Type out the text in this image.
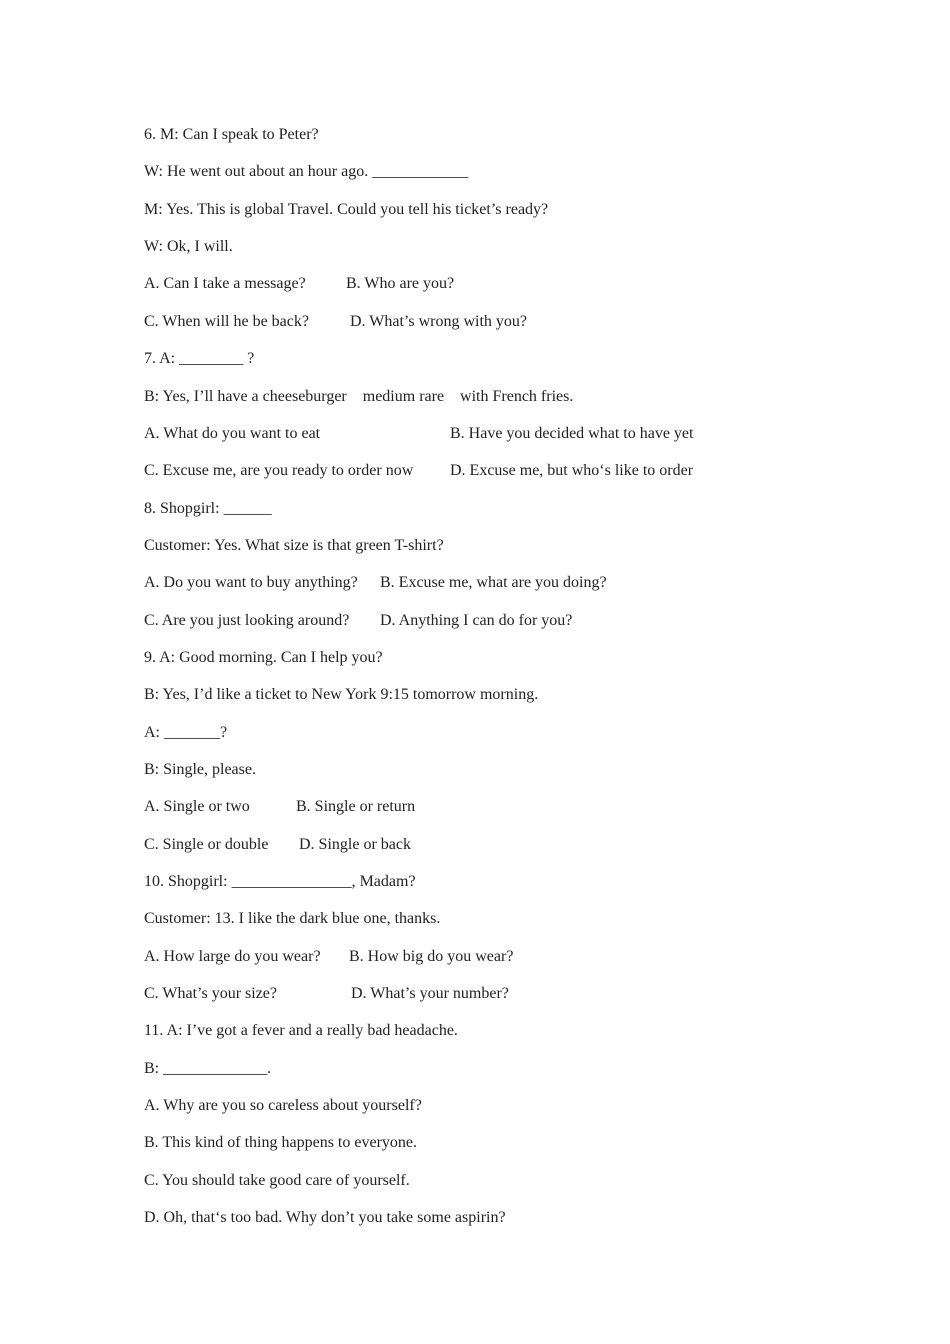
6. M: Can I speak to Peter?
W: He went out about an hour ago. ____________
M: Yes. This is global Travel. Could you tell his ticket’s ready?
W: Ok, I will.

A. Can I take a message?

	B. Who are you?

C. When will he be back?

	D. What’s wrong with you?

7. A: ________ ?
B: Yes, I’ll have a cheeseburger    medium rare    with French fries.

A. What do you want to eat

	B. Have you decided what to have yet

C. Excuse me, are you ready to order now

D. Excuse me, but who‘s like to order

8. Shopgirl: ______
Customer: Yes. What size is that green T-shirt?

A. Do you want to buy anything?

B. Excuse me, what are you doing?

C. Are you just looking around?

D. Anything I can do for you?

9. A: Good morning. Can I help you?
B: Yes, I’d like a ticket to New York 9:15 tomorrow morning.
A: _______?
B: Single, please.

A. Single or two

	B. Single or return

C. Single or double

D. Single or back

10. Shopgirl: _______________, Madam?
Customer: 13. I like the dark blue one, thanks.

A. How large do you wear?

B. How big do you wear?

C. What’s your size?

	D. What’s your number?

11. A: I’ve got a fever and a really bad headache.
B: _____________.
A. Why are you so careless about yourself?
B. This kind of thing happens to everyone.
C. You should take good care of yourself.
D. Oh, that‘s too bad. Why don’t you take some aspirin?
